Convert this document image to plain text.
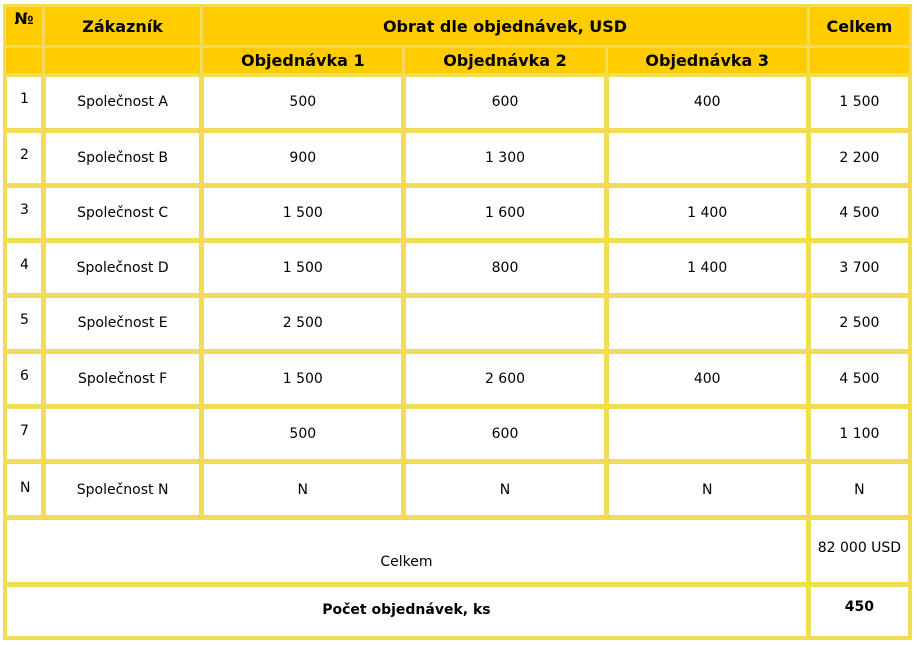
№	Zákazník	Obrat dle objednávek, USD			Celkem
		Objednávka 1	Objednávka 2	Objednávka 3	
1	Společnost A	500	600	400	1 500
2	Společnost B	900	1 300		2 200
3	Společnost C	1 500	1 600	1 400	4 500
4	Společnost D	1 500	800	1 400	3 700
5	Společnost E	2 500			2 500
6	Společnost F	1 500	2 600	400	4 500
7		500	600		1 100
N	Společnost N	N	N	N	N
Celkem					82 000 USD
Počet objednávek, ks					450
